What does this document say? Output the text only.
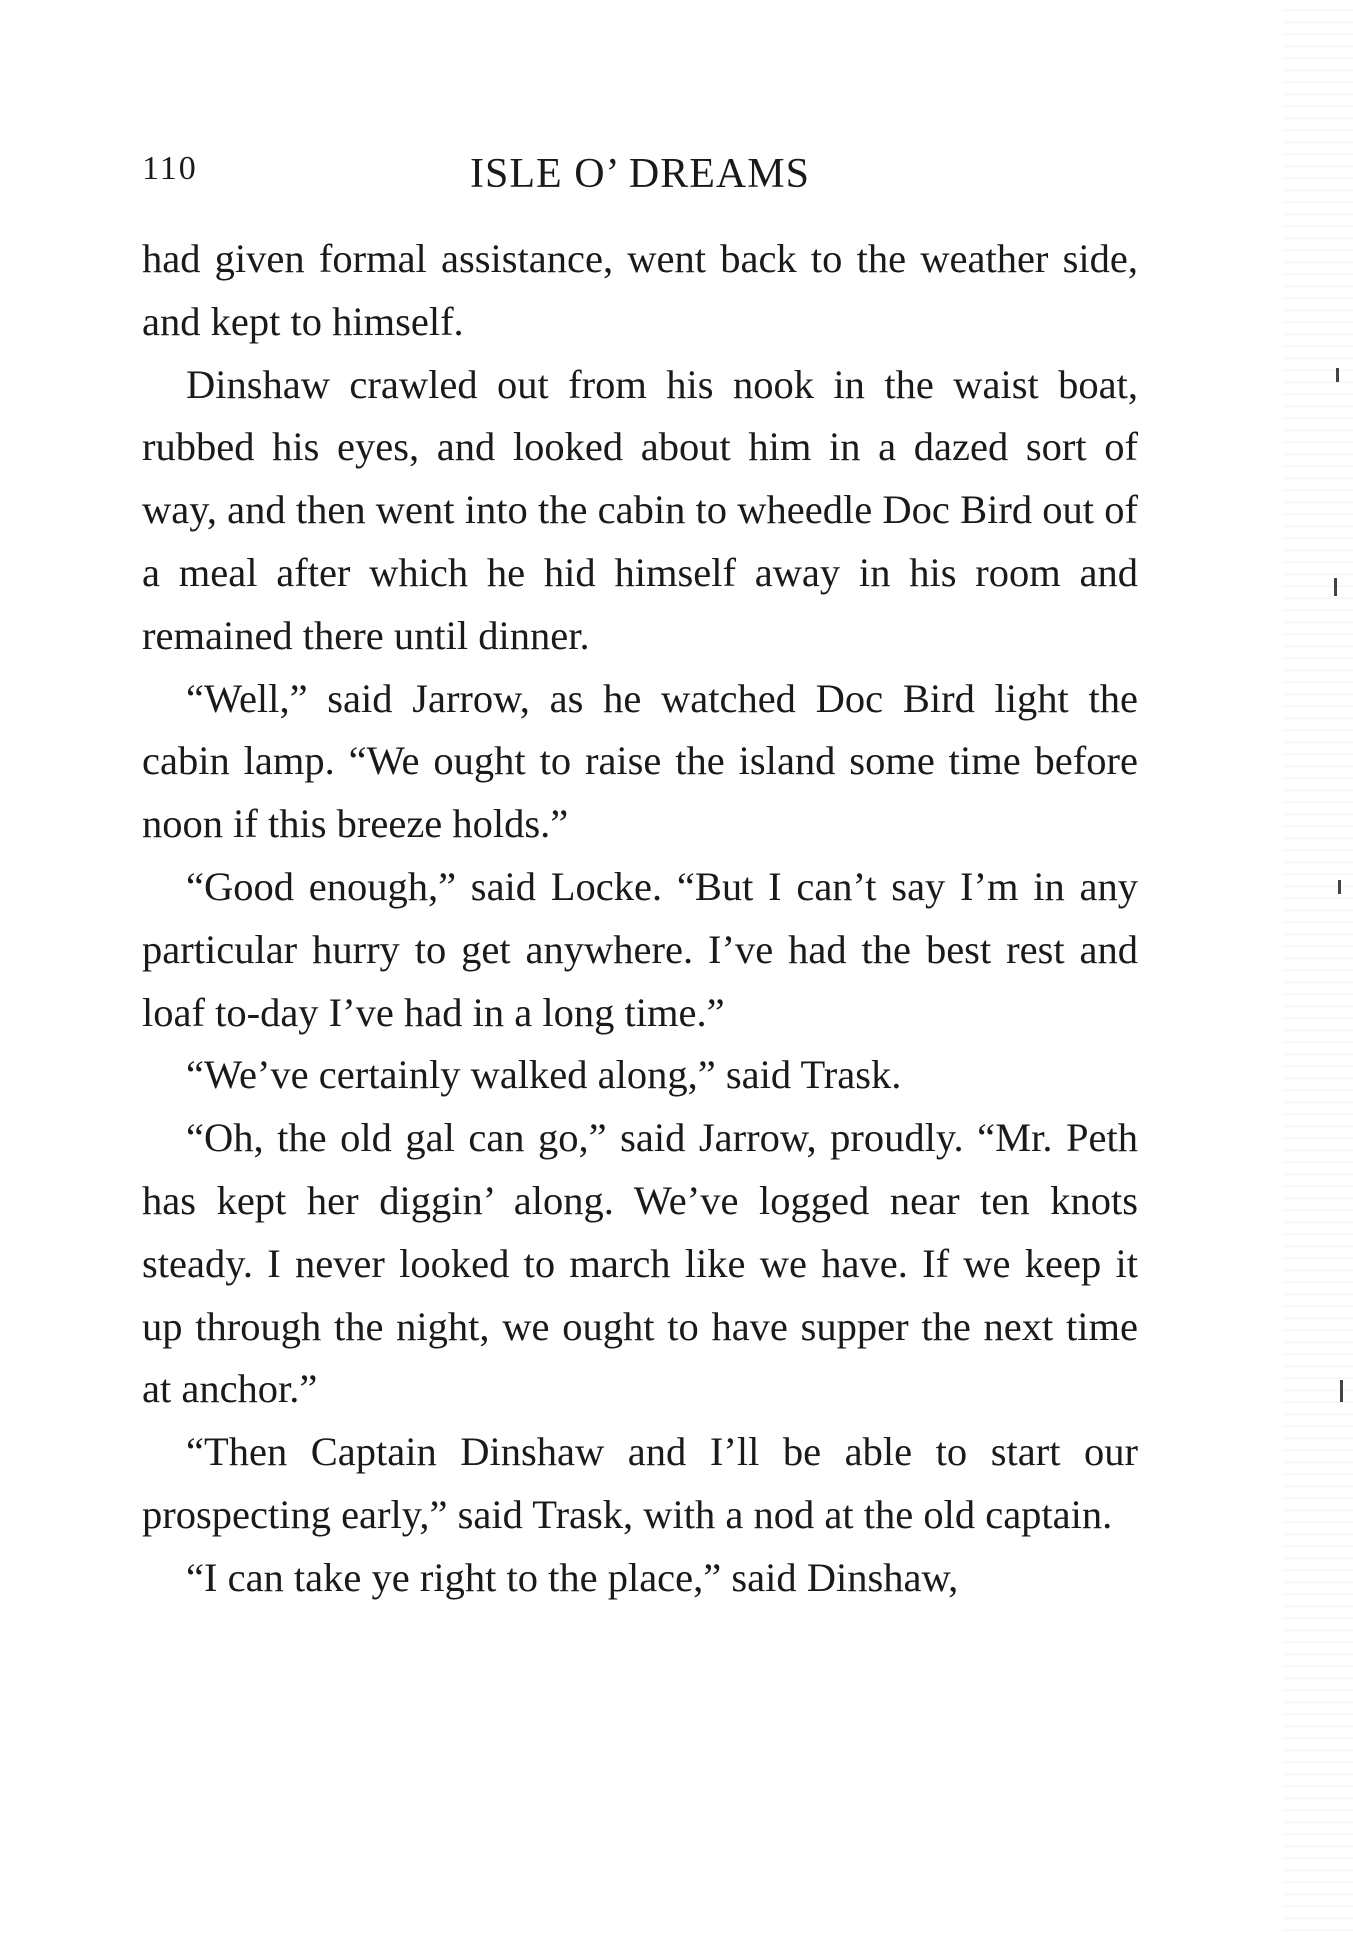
110	ISLE O’ DREAMS

had given formal assistance, went back to the weather side, and kept to himself.

Dinshaw crawled out from his nook in the waist boat, rubbed his eyes, and looked about him in a dazed sort of way, and then went into the cabin to wheedle Doc Bird out of a meal after which he hid himself away in his room and remained there until dinner.

“Well,” said Jarrow, as he watched Doc Bird light the cabin lamp. “We ought to raise the island some time before noon if this breeze holds.”

“Good enough,” said Locke. “But I can’t say I’m in any particular hurry to get anywhere. I’ve had the best rest and loaf to-day I’ve had in a long time.”

“We’ve certainly walked along,” said Trask.

“Oh, the old gal can go,” said Jarrow, proudly. “Mr. Peth has kept her diggin’ along. We’ve logged near ten knots steady. I never looked to march like we have. If we keep it up through the night, we ought to have supper the next time at anchor.”

“Then Captain Dinshaw and I’ll be able to start our prospecting early,” said Trask, with a nod at the old captain.

“I can take ye right to the place,” said Dinshaw,
